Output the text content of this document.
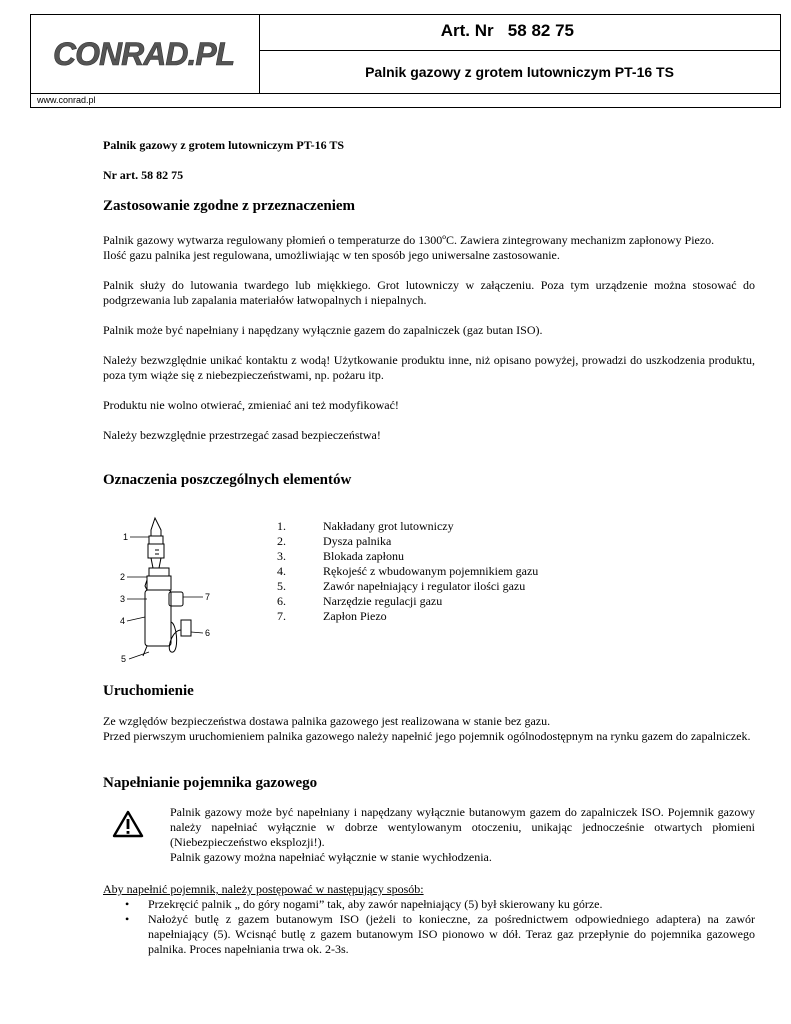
CONRAD.PL
Art. Nr   58 82 75
Palnik gazowy z grotem lutowniczym PT-16 TS
www.conrad.pl
Palnik gazowy z grotem lutowniczym PT-16 TS
Nr art. 58 82 75
Zastosowanie zgodne z przeznaczeniem

Palnik gazowy wytwarza regulowany płomień o temperaturze do 1300ºC. Zawiera zintegrowany mechanizm zapłonowy Piezo.

Ilość gazu palnika jest regulowana, umożliwiając w ten sposób jego uniwersalne zastosowanie.

Palnik służy do lutowania twardego lub miękkiego. Grot lutowniczy w załączeniu. Poza tym urządzenie można stosować do podgrzewania lub zapalania materiałów łatwopalnych i niepalnych.

Palnik może być napełniany i napędzany wyłącznie gazem do zapalniczek (gaz butan ISO).

Należy bezwzględnie unikać kontaktu z wodą! Użytkowanie produktu inne, niż opisano powyżej, prowadzi do uszkodzenia produktu, poza tym wiąże się z niebezpieczeństwami, np. pożaru itp.

Produktu nie wolno otwierać, zmieniać ani też modyfikować!

Należy bezwzględnie przestrzegać zasad bezpieczeństwa!

Oznaczenia poszczególnych elementów
1
2
3
4
5
6
7
1.	Nakładany grot lutowniczy
2.	Dysza palnika
3.	Blokada zapłonu
4.	Rękojeść z wbudowanym pojemnikiem gazu
5.	Zawór napełniający i regulator ilości gazu
6.	Narzędzie regulacji gazu
7.	Zapłon Piezo
Uruchomienie

Ze względów bezpieczeństwa dostawa palnika gazowego jest realizowana w stanie bez gazu.

Przed pierwszym uruchomieniem palnika gazowego należy napełnić jego pojemnik ogólnodostępnym na rynku gazem do zapalniczek.

Napełnianie pojemnika gazowego

Palnik gazowy może być napełniany i napędzany wyłącznie butanowym gazem do zapalniczek ISO. Pojemnik gazowy należy napełniać wyłącznie w dobrze wentylowanym otoczeniu, unikając jednocześnie otwartych płomieni (Niebezpieczeństwo eksplozji!).

Palnik gazowy można napełniać wyłącznie w stanie wychłodzenia.

Aby napełnić pojemnik, należy postępować w następujący sposób:
• Przekręcić palnik „ do góry nogami” tak, aby zawór napełniający (5) był skierowany ku górze.

• Nałożyć butlę z gazem butanowym ISO (jeżeli to konieczne, za pośrednictwem odpowiedniego adaptera) na zawór napełniający (5). Wcisnąć butlę z gazem butanowym ISO pionowo w dół. Teraz gaz przepłynie do pojemnika gazowego palnika. Proces napełniania trwa ok. 2-3s.
